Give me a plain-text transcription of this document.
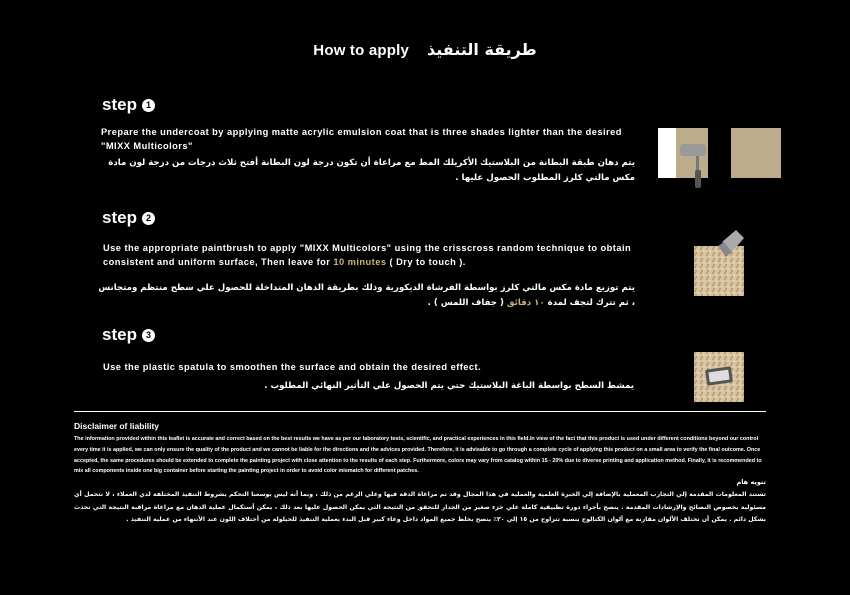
How to apply طريقة التنفيذ
step 1
Prepare the undercoat by applying matte acrylic emulsion coat that is three shades lighter than the desired "MIXX Multicolors"
يتم دهان طبقة البطانة من البلاستيك الأكريلك المط مع مراعاة أن تكون درجة لون البطانة أفتح ثلاث درجات من درجة لون مادة مكس مالتي كلرز المطلوب الحصول عليها .
step 2
Use the appropriate paintbrush to apply "MIXX Multicolors" using the crisscross random technique to obtain consistent and uniform surface, Then leave for 10 minutes ( Dry to touch ).
يتم توزيع مادة مكس مالتي كلرز بواسطة الفرشاة الديكورية وذلك بطريقة الدهان المتداخلة للحصول علي سطح منتظم ومتجانس ، ثم تترك لتجف لمدة ١٠ دقائق ( جفاف اللمس ) .
step 3
Use the plastic spatula to smoothen the surface and obtain the desired effect.
يمشط السطح بواسطة الباغة البلاستيك حتي يتم الحصول علي التأثير النهائي المطلوب .
Disclaimer of liability
The information provided within this leaflet is accurate and correct based on the best results we have as per our laboratory tests, scientific, and practical experiences in this field.In view of the fact that this product is used under different conditions beyond our control every time it is applied, we can only ensure the quality of the product and we cannot be liable for the directions and the advices provided. Therefore, it is advisable to go through a complete cycle of applying this product on a small area to verify the final outcome. Once accepted, the same procedures should be extended to complete the painting project with close attention to the results of each step. Furthermore, colors may vary from catalog within 15 - 20% due to diverse printing and application method. Finally, it is recommended to mix all components inside one big container before starting the painting project in order to avoid color mismatch for different patches.
تنويه هام
تستند المعلومات المقدمة إلي التجارب المعملية بالإضافة إلي الخبرة العلمية والعملية في هذا المجال وقد تم مراعاة الدقة فيها وعلي الرغم من ذلك ، وبما أنه ليس بوسعنا التحكم بشروط التنفيذ المختلفة لدي العملاء ، لا نتحمل أي مسئولية بخصوص النصائح والإرشادات المقدمة . ينصح بأجراء دورة تطبيقية كاملة علي جزء صغير من الجدار للتحقق من النتيجة التي يمكن الحصول عليها بعد ذلك ، يمكن أستكمال عملية الدهان مع مراعاة مراقبة النتيجة التي تحدث بشكل دائم . يمكن أن تختلف الألوان مقارنة مع ألوان الكتالوج بنسبة تتراوح من ١٥ إلي ٢٠٪ ينصح بخلط جميع المواد داخل وعاء كبير قبل البدء بعملية التنفيذ للحيلولة من أختلاف اللون عند الأنتهاء من عملية التنفيذ .
